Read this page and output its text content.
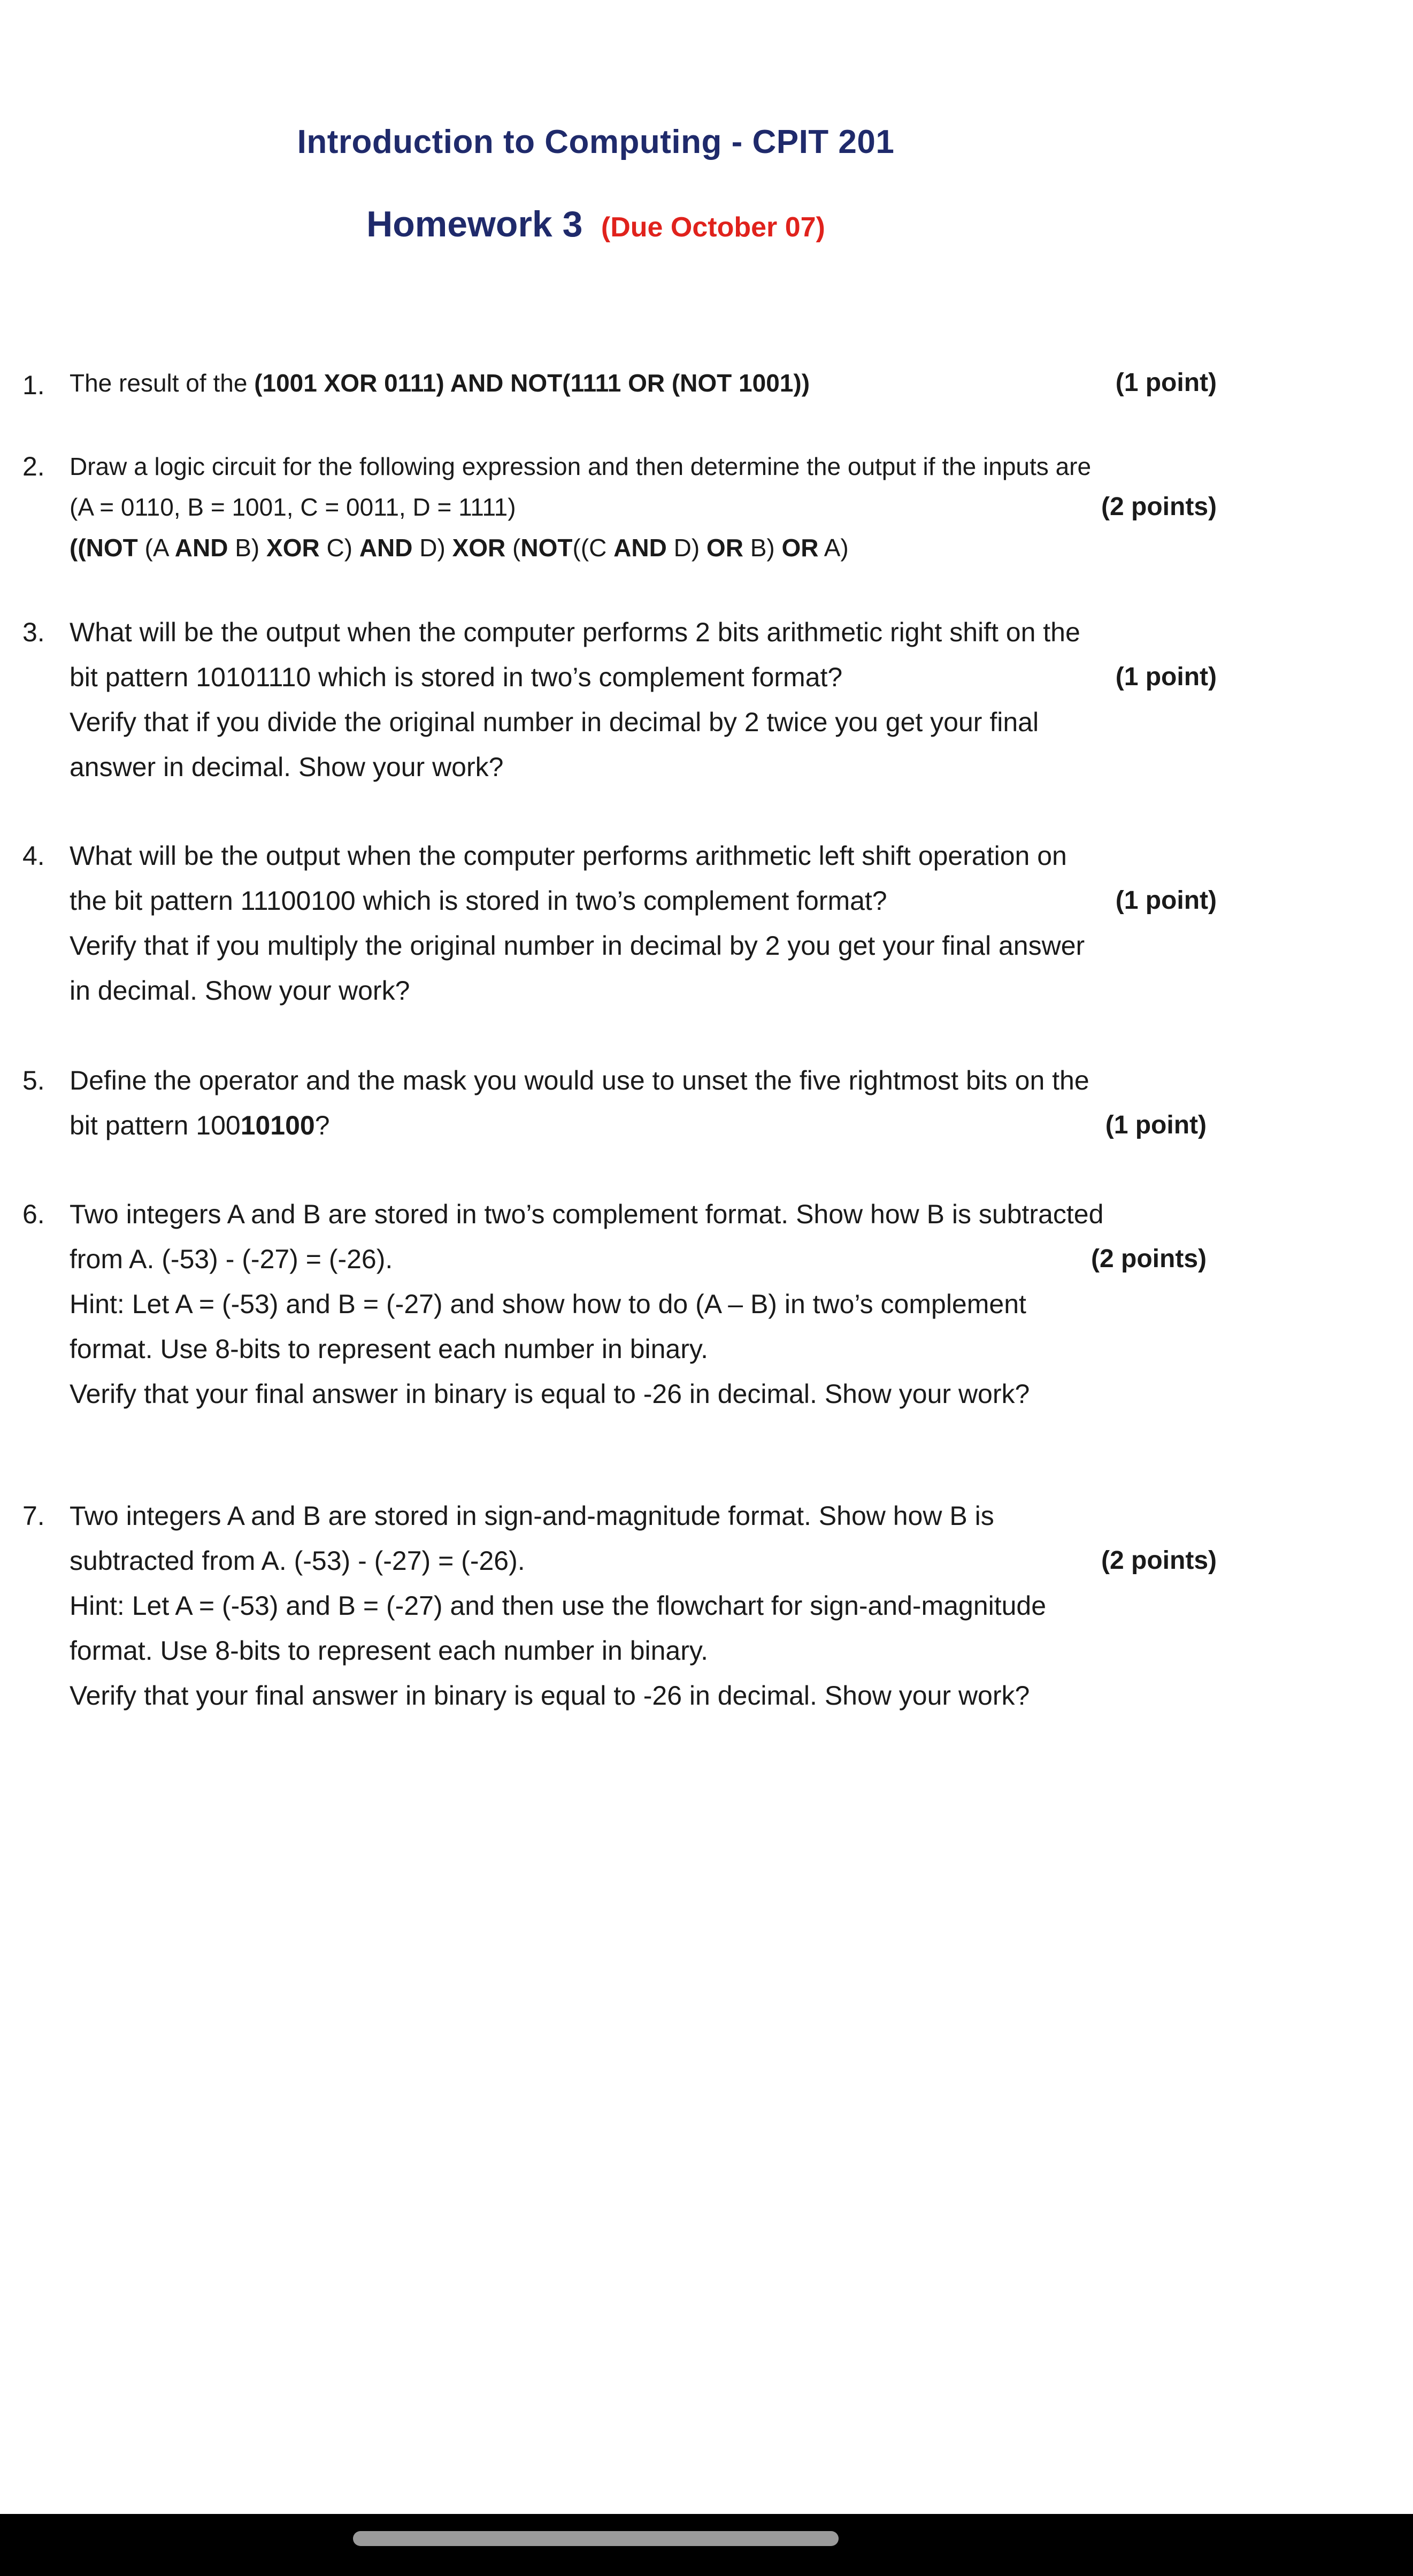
Introduction to Computing - CPIT 201
Homework 3 (Due October 07)
1.	The result of the (1001 XOR 0111) AND NOT(1111 OR (NOT 1001))	(1 point)
2.	Draw a logic circuit for the following expression and then determine the output if the inputs are
(A = 0110, B = 1001, C = 0011, D = 1111)	(2 points)
((NOT (A AND B) XOR C) AND D) XOR (NOT((C AND D) OR B) OR A)
3. What will be the output when the computer performs 2 bits arithmetic right shift on the
bit pattern 10101110 which is stored in two’s complement format?	(1 point)
Verify that if you divide the original number in decimal by 2 twice you get your final
answer in decimal. Show your work?
4. What will be the output when the computer performs arithmetic left shift operation on
the bit pattern 11100100 which is stored in two’s complement format?	(1 point)
Verify that if you multiply the original number in decimal by 2 you get your final answer
in decimal. Show your work?
5. Define the operator and the mask you would use to unset the five rightmost bits on the
bit pattern 10010100?	(1 point)
6. Two integers A and B are stored in two’s complement format. Show how B is subtracted
from A. (-53) - (-27) = (-26).	(2 points)
Hint: Let A = (-53) and B = (-27) and show how to do (A – B) in two’s complement
format. Use 8-bits to represent each number in binary.
Verify that your final answer in binary is equal to -26 in decimal. Show your work?
7. Two integers A and B are stored in sign-and-magnitude format. Show how B is
subtracted from A. (-53) - (-27) = (-26).	(2 points)
Hint: Let A = (-53) and B = (-27) and then use the flowchart for sign-and-magnitude
format. Use 8-bits to represent each number in binary.
Verify that your final answer in binary is equal to -26 in decimal. Show your work?
